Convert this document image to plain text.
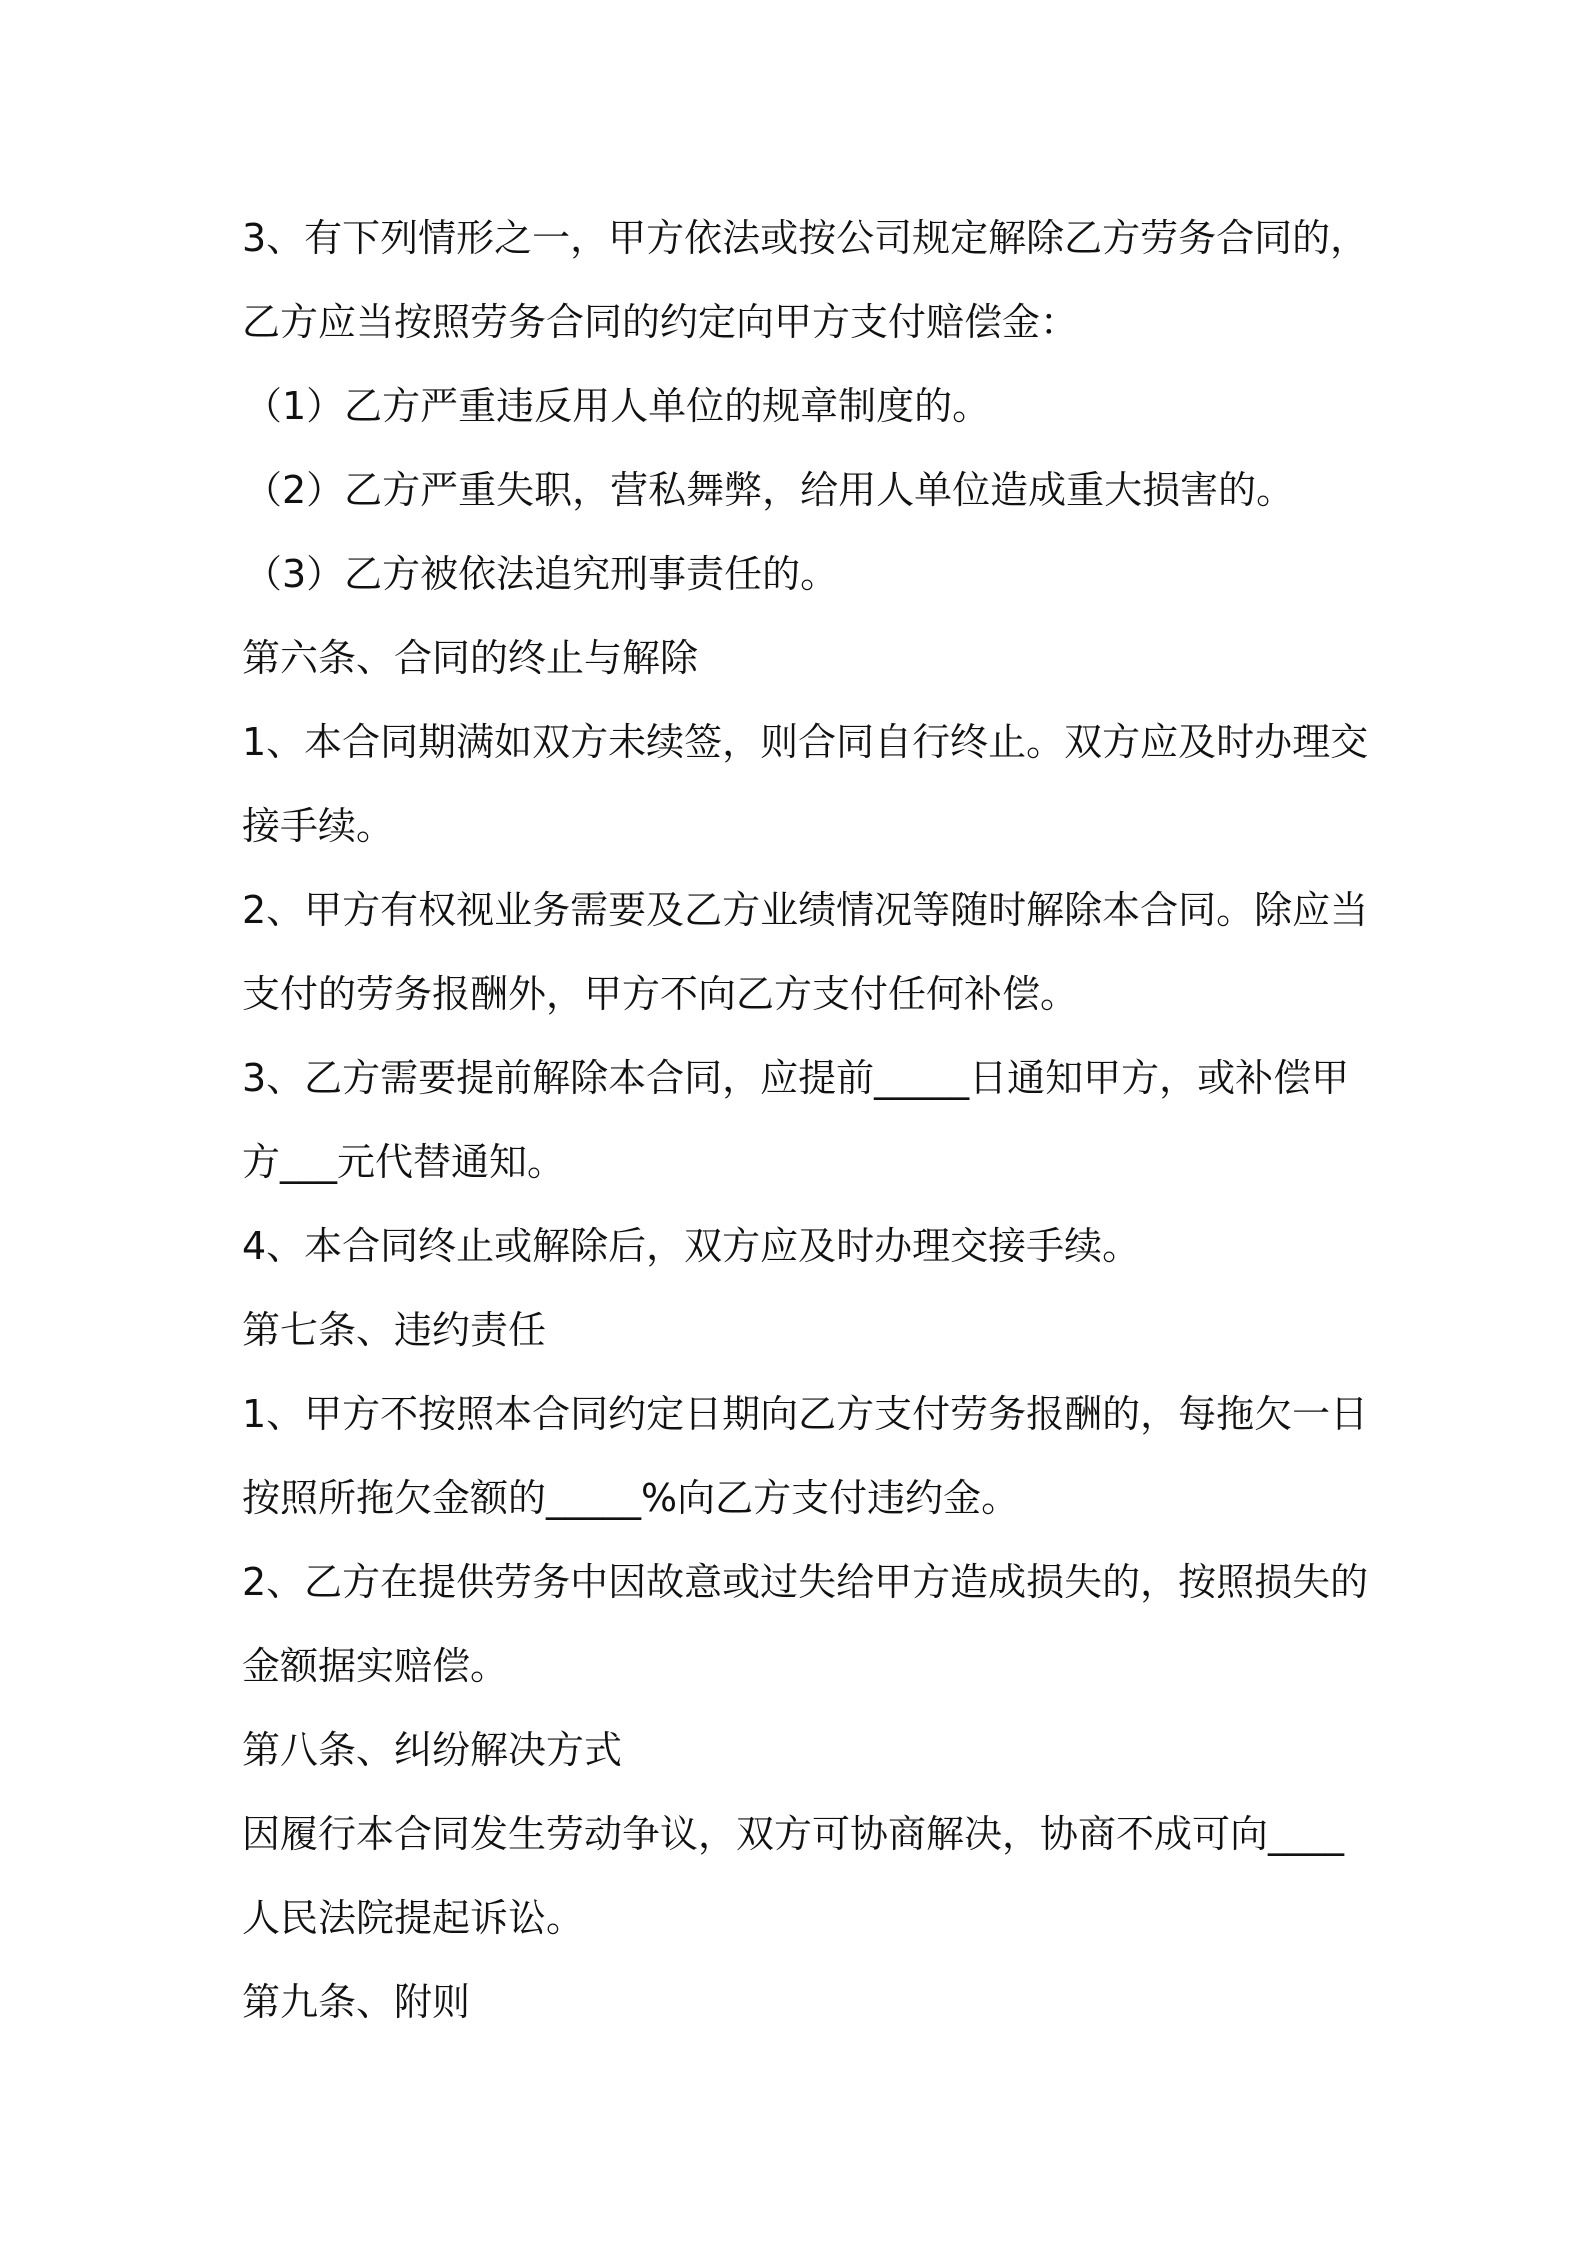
3、有下列情形之一，甲方依法或按公司规定解除乙方劳务合同的，
乙方应当按照劳务合同的约定向甲方支付赔偿金：
（1）乙方严重违反用人单位的规章制度的。
（2）乙方严重失职，营私舞弊，给用人单位造成重大损害的。
（3）乙方被依法追究刑事责任的。
第六条、合同的终止与解除
1、本合同期满如双方未续签，则合同自行终止。双方应及时办理交
接手续。
2、甲方有权视业务需要及乙方业绩情况等随时解除本合同。除应当
支付的劳务报酬外，甲方不向乙方支付任何补偿。
3、乙方需要提前解除本合同，应提前_____日通知甲方，或补偿甲
方___元代替通知。
4、本合同终止或解除后，双方应及时办理交接手续。
第七条、违约责任
1、甲方不按照本合同约定日期向乙方支付劳务报酬的，每拖欠一日
按照所拖欠金额的_____%向乙方支付违约金。
2、乙方在提供劳务中因故意或过失给甲方造成损失的，按照损失的
金额据实赔偿。
第八条、纠纷解决方式
因履行本合同发生劳动争议，双方可协商解决，协商不成可向____
人民法院提起诉讼。
第九条、附则
